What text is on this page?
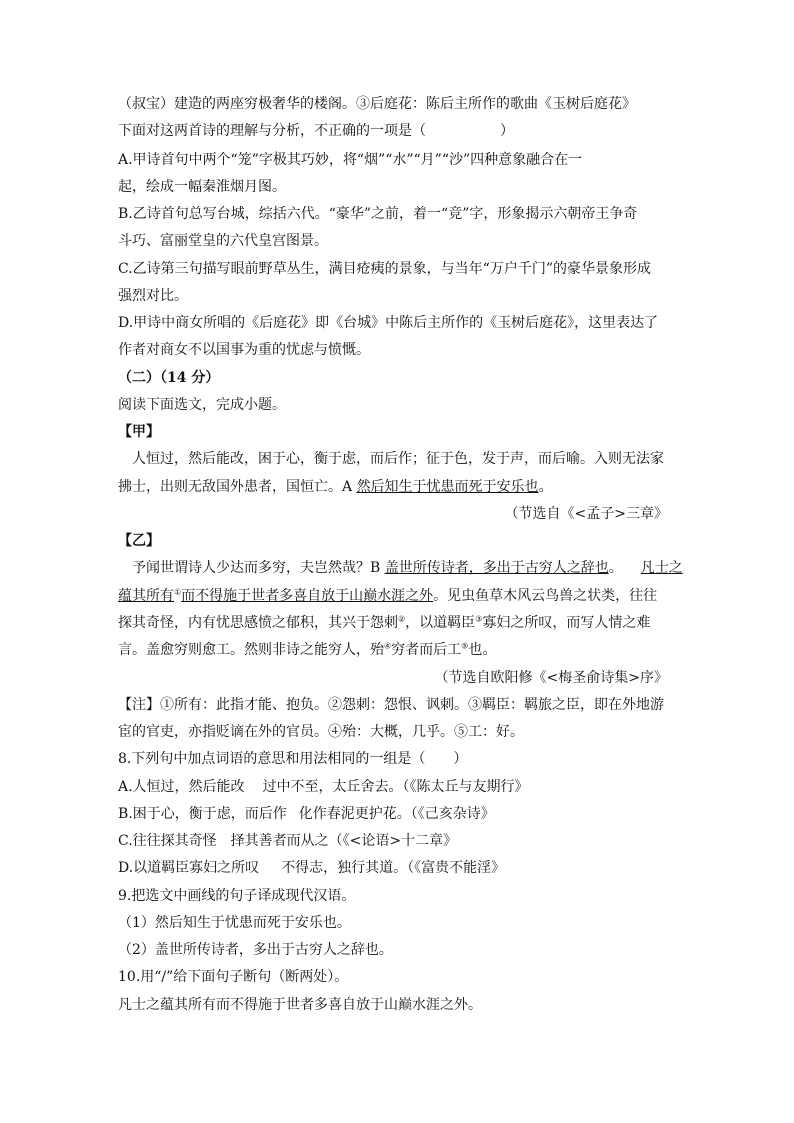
（叔宝）建造的两座穷极奢华的楼阁。③后庭花：陈后主所作的歌曲《玉树后庭花》
下面对这两首诗的理解与分析，不正确的一项是（	）
A.甲诗首句中两个“笼”字极其巧妙，将“烟”“水”“月”“沙”四种意象融合在一
起，绘成一幅秦淮烟月图。
B.乙诗首句总写台城，综括六代。“豪华”之前，着一“竞”字，形象揭示六朝帝王争奇
斗巧、富丽堂皇的六代皇宫图景。
C.乙诗第三句描写眼前野草丛生，满目疮痍的景象，与当年“万户千门”的豪华景象形成
强烈对比。
D.甲诗中商女所唱的《后庭花》即《台城》中陈后主所作的《玉树后庭花》，这里表达了
作者对商女不以国事为重的忧虑与愤慨。
（二）（14 分）
阅读下面选文，完成小题。
【甲】
人恒过，然后能改，困于心，衡于虑，而后作；征于色，发于声，而后喻。入则无法家
拂士，出则无敌国外患者，国恒亡。A 然后知生于忧患而死于安乐也。
（节选自《<孟子>三章》
【乙】
予闻世谓诗人少达而多穷，夫岂然哉？B 盖世所传诗者，多出于古穷人之辞也。 凡士之
蕴其所有①而不得施于世者多喜自放于山巅水涯之外。见虫鱼草木风云鸟兽之状类，往往
探其奇怪，内有忧思感愤之郁积，其兴于怨刺②，以道羁臣③寡妇之所叹，而写人情之难
言。盖愈穷则愈工。然则非诗之能穷人，殆④穷者而后工⑤也。
（节选自欧阳修《<梅圣俞诗集>序》
【注】①所有：此指才能、抱负。②怨刺：怨恨、讽刺。③羁臣：羁旅之臣，即在外地游
宦的官吏，亦指贬谪在外的官员。④殆：大概，几乎。⑤工：好。
8.下列句中加点词语的意思和用法相同的一组是（　　）
A.人恒过，然后能改 过中不至，太丘舍去。（《陈太丘与友期行》
B.困于心，衡于虑，而后作 化作春泥更护花。（《己亥杂诗》
C.往往探其奇怪 择其善者而从之（《<论语>十二章》
D.以道羁臣寡妇之所叹 不得志，独行其道。（《富贵不能淫》
9.把选文中画线的句子译成现代汉语。
（1）然后知生于忧患而死于安乐也。
（2）盖世所传诗者，多出于古穷人之辞也。
10.用“/”给下面句子断句（断两处）。
凡士之蕴其所有而不得施于世者多喜自放于山巅水涯之外。
